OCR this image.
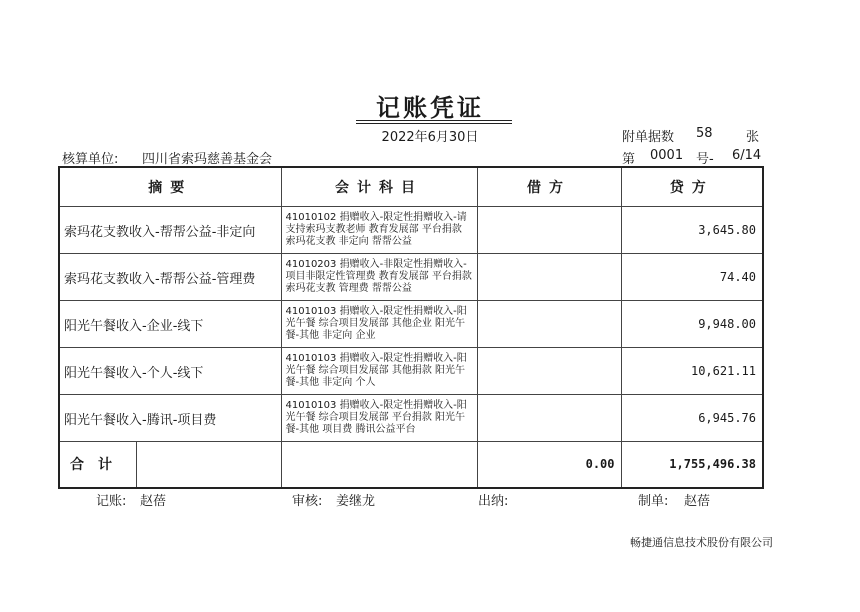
记账凭证
2022年6月30日	附单据数 58	张
核算单位: 四川省索玛慈善基金会	第 0001 号- 6/14
摘要	会计科目	借方	贷方
索玛花支教收入-帮帮公益-非定向	41010102 捐赠收入-限定性捐赠收入-请支持索玛支教老师 教育发展部 平台捐款 索玛花支教 非定向 帮帮公益		3,645.80
索玛花支教收入-帮帮公益-管理费	41010203 捐赠收入-非限定性捐赠收入-项目非限定性管理费 教育发展部 平台捐款 索玛花支教 管理费 帮帮公益		74.40
阳光午餐收入-企业-线下	41010103 捐赠收入-限定性捐赠收入-阳光午餐 综合项目发展部 其他企业 阳光午餐-其他 非定向 企业		9,948.00
阳光午餐收入-个人-线下	41010103 捐赠收入-限定性捐赠收入-阳光午餐 综合项目发展部 其他捐款 阳光午餐-其他 非定向 个人		10,621.11
阳光午餐收入-腾讯-项目费	41010103 捐赠收入-限定性捐赠收入-阳光午餐 综合项目发展部 平台捐款 阳光午餐-其他 项目费 腾讯公益平台		6,945.76

合计		0.00	1,755,496.38
记账: 赵蓓	审核: 姜继龙	出纳:	制单: 赵蓓
畅捷通信息技术股份有限公司
